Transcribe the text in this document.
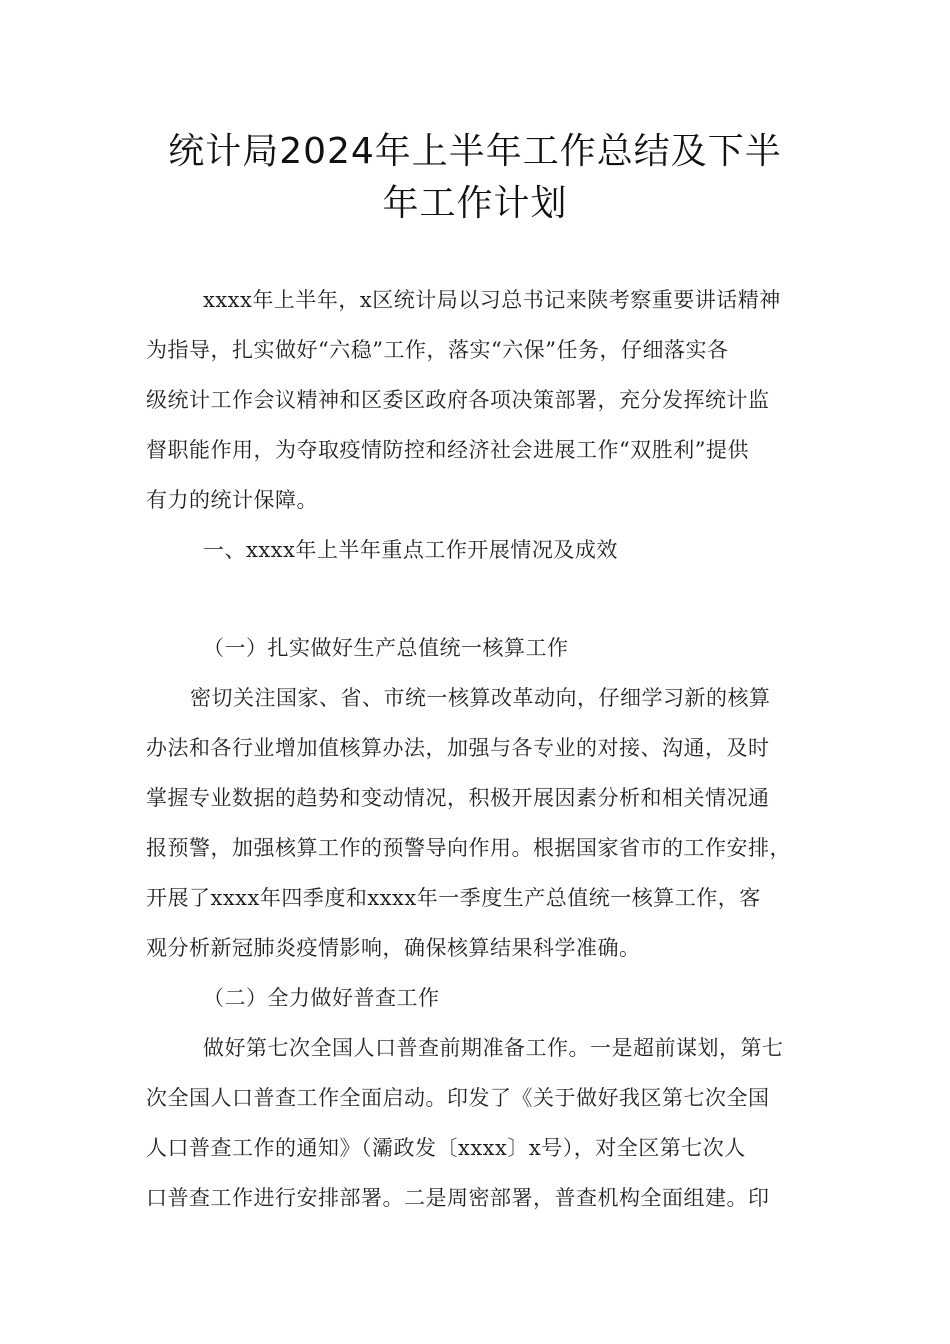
统计局2024年上半年工作总结及下半
年工作计划
xxxx年上半年，x区统计局以习总书记来陕考察重要讲话精神
为指导，扎实做好“六稳”工作，落实“六保”任务，仔细落实各
级统计工作会议精神和区委区政府各项决策部署，充分发挥统计监
督职能作用，为夺取疫情防控和经济社会进展工作“双胜利”提供
有力的统计保障。
一、xxxx年上半年重点工作开展情况及成效
（一）扎实做好生产总值统一核算工作
密切关注国家、省、市统一核算改革动向，仔细学习新的核算
办法和各行业增加值核算办法，加强与各专业的对接、沟通，及时
掌握专业数据的趋势和变动情况，积极开展因素分析和相关情况通
报预警，加强核算工作的预警导向作用。根据国家省市的工作安排，
开展了xxxx年四季度和xxxx年一季度生产总值统一核算工作，客
观分析新冠肺炎疫情影响，确保核算结果科学准确。
（二）全力做好普查工作
做好第七次全国人口普查前期准备工作。一是超前谋划，第七
次全国人口普查工作全面启动。印发了《关于做好我区第七次全国
人口普查工作的通知》（灞政发〔xxxx〕x号），对全区第七次人
口普查工作进行安排部署。二是周密部署，普查机构全面组建。印
